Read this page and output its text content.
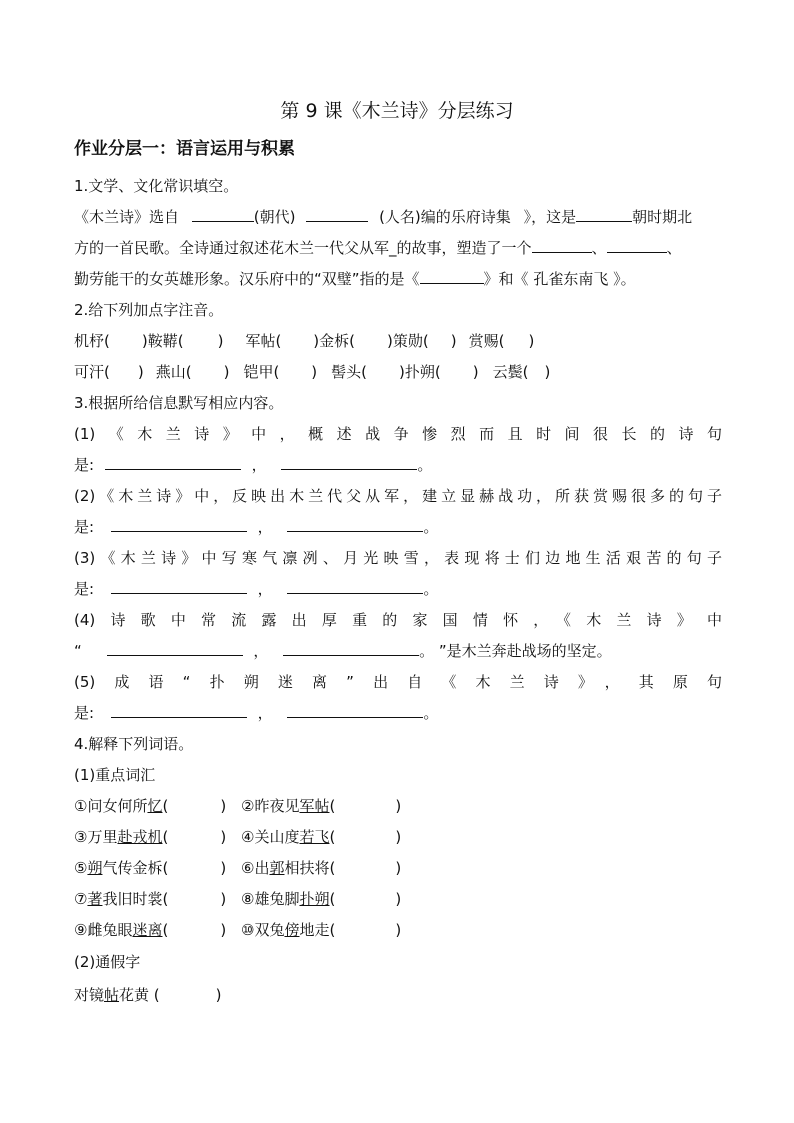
第 9 课《木兰诗》分层练习
作业分层一：语言运用与积累
1.文学、文化常识填空。
《木兰诗》选自	(朝代)	(人名)编的乐府诗集 》，这是	朝时期北
方的一首民歌。全诗通过叙述花木兰一代父从军_的故事，塑造了一个	、	、
勤劳能干的女英雄形象。汉乐府中的“双璧”指的是《	》和《 孔雀东南飞 》。
2.给下列加点字注音。
机杼( )鞍鞯( ) 军帖( )金柝( )策勋( ) 赏赐( )
可汗( ) 燕山( ) 铠甲( ) 髻头( )扑朔( ) 云鬓( )
3.根据所给信息默写相应内容。
(1)《木兰诗》中，概述战争惨烈而且时间很长的诗句
是:	，	。
(2)《木兰诗》中，反映出木兰代父从军，建立显赫战功，所获赏赐很多的句子
是:	，	。
(3)《木兰诗》中写寒气凛冽、月光映雪，表现将士们边地生活艰苦的句子
是:	，	。
(4)诗歌中常流露出厚重的家国情怀，《木兰诗》中
“	，	。 ”是木兰奔赴战场的坚定。
(5)成语“扑朔迷离”出自《木兰诗》，其原句
是:	，	。
4.解释下列词语。
(1)重点词汇
①问女何所忆(	) ②昨夜见军帖(	)
③万里赴戎机(	) ④关山度若飞(	)
⑤朔气传金柝(	) ⑥出郭相扶将(	)
⑦著我旧时裳(	) ⑧雄兔脚扑朔(	)
⑨雌兔眼迷离(	) ⑩双兔傍地走(	)
(2)通假字
对镜帖花黄 (	)
